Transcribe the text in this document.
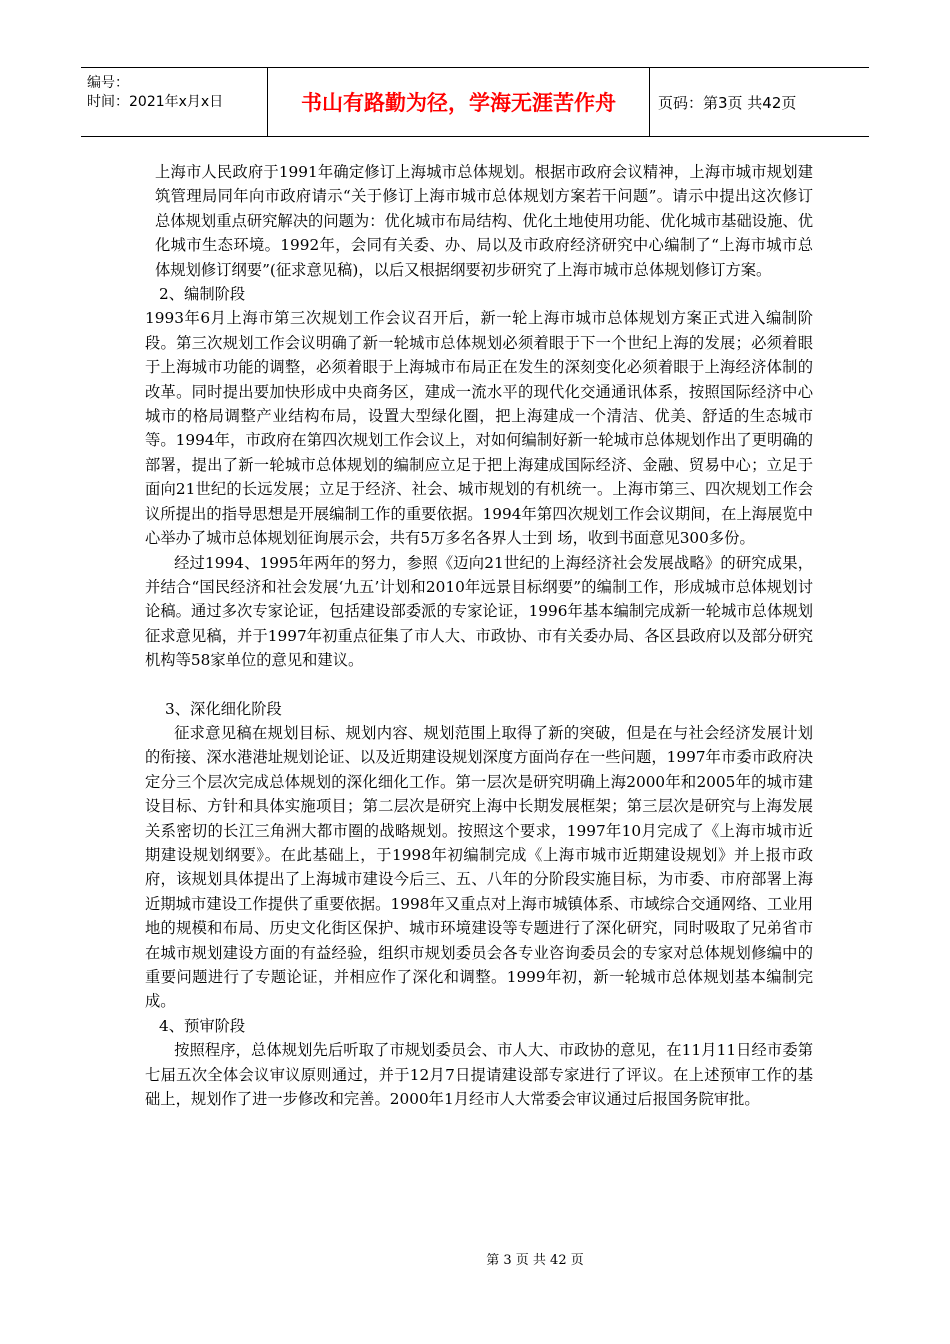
编号：
时间：2021年x月x日	书山有路勤为径，学海无涯苦作舟	页码：第3页 共42页

上海市人民政府于1991年确定修订上海城市总体规划。根据市政府会议精神，上海市城市规划建筑管理局同年向市政府请示“关于修订上海市城市总体规划方案若干问题”。请示中提出这次修订总体规划重点研究解决的问题为：优化城市布局结构、优化土地使用功能、优化城市基础设施、优化城市生态环境。1992年，会同有关委、办、局以及市政府经济研究中心编制了“上海市城市总体规划修订纲要”(征求意见稿)，以后又根据纲要初步研究了上海市城市总体规划修订方案。

2、编制阶段

1993年6月上海市第三次规划工作会议召开后，新一轮上海市城市总体规划方案正式进入编制阶段。第三次规划工作会议明确了新一轮城市总体规划必须着眼于下一个世纪上海的发展；必须着眼于上海城市功能的调整，必须着眼于上海城市布局正在发生的深刻变化必须着眼于上海经济体制的改革。同时提出要加快形成中央商务区，建成一流水平的现代化交通通讯体系，按照国际经济中心城市的格局调整产业结构布局，设置大型绿化圈，把上海建成一个清洁、优美、舒适的生态城市等。1994年，市政府在第四次规划工作会议上，对如何编制好新一轮城市总体规划作出了更明确的部署，提出了新一轮城市总体规划的编制应立足于把上海建成国际经济、金融、贸易中心；立足于面向21世纪的长远发展；立足于经济、社会、城市规划的有机统一。上海市第三、四次规划工作会议所提出的指导思想是开展编制工作的重要依据。1994年第四次规划工作会议期间，在上海展览中心举办了城市总体规划征询展示会，共有5万多名各界人士到 场，收到书面意见300多份。

经过1994、1995年两年的努力，参照《迈向21世纪的上海经济社会发展战略》的研究成果，并结合“国民经济和社会发展‘九五’计划和2010年远景目标纲要”的编制工作，形成城市总体规划讨论稿。通过多次专家论证，包括建设部委派的专家论证，1996年基本编制完成新一轮城市总体规划征求意见稿，并于1997年初重点征集了市人大、市政协、市有关委办局、各区县政府以及部分研究机构等58家单位的意见和建议。

3、深化细化阶段

征求意见稿在规划目标、规划内容、规划范围上取得了新的突破，但是在与社会经济发展计划的衔接、深水港港址规划论证、以及近期建设规划深度方面尚存在一些问题，1997年市委市政府决定分三个层次完成总体规划的深化细化工作。第一层次是研究明确上海2000年和2005年的城市建设目标、方针和具体实施项目；第二层次是研究上海中长期发展框架；第三层次是研究与上海发展关系密切的长江三角洲大都市圈的战略规划。按照这个要求，1997年10月完成了《上海市城市近期建设规划纲要》。在此基础上，于1998年初编制完成《上海市城市近期建设规划》并上报市政府，该规划具体提出了上海城市建设今后三、五、八年的分阶段实施目标，为市委、市府部署上海近期城市建设工作提供了重要依据。1998年又重点对上海市城镇体系、市域综合交通网络、工业用地的规模和布局、历史文化街区保护、城市环境建设等专题进行了深化研究，同时吸取了兄弟省市在城市规划建设方面的有益经验，组织市规划委员会各专业咨询委员会的专家对总体规划修编中的重要问题进行了专题论证，并相应作了深化和调整。1999年初，新一轮城市总体规划基本编制完成。

4、预审阶段

按照程序，总体规划先后听取了市规划委员会、市人大、市政协的意见，在11月11日经市委第七届五次全体会议审议原则通过，并于12月7日提请建设部专家进行了评议。在上述预审工作的基础上，规划作了进一步修改和完善。2000年1月经市人大常委会审议通过后报国务院审批。

第 3 页 共 42 页
